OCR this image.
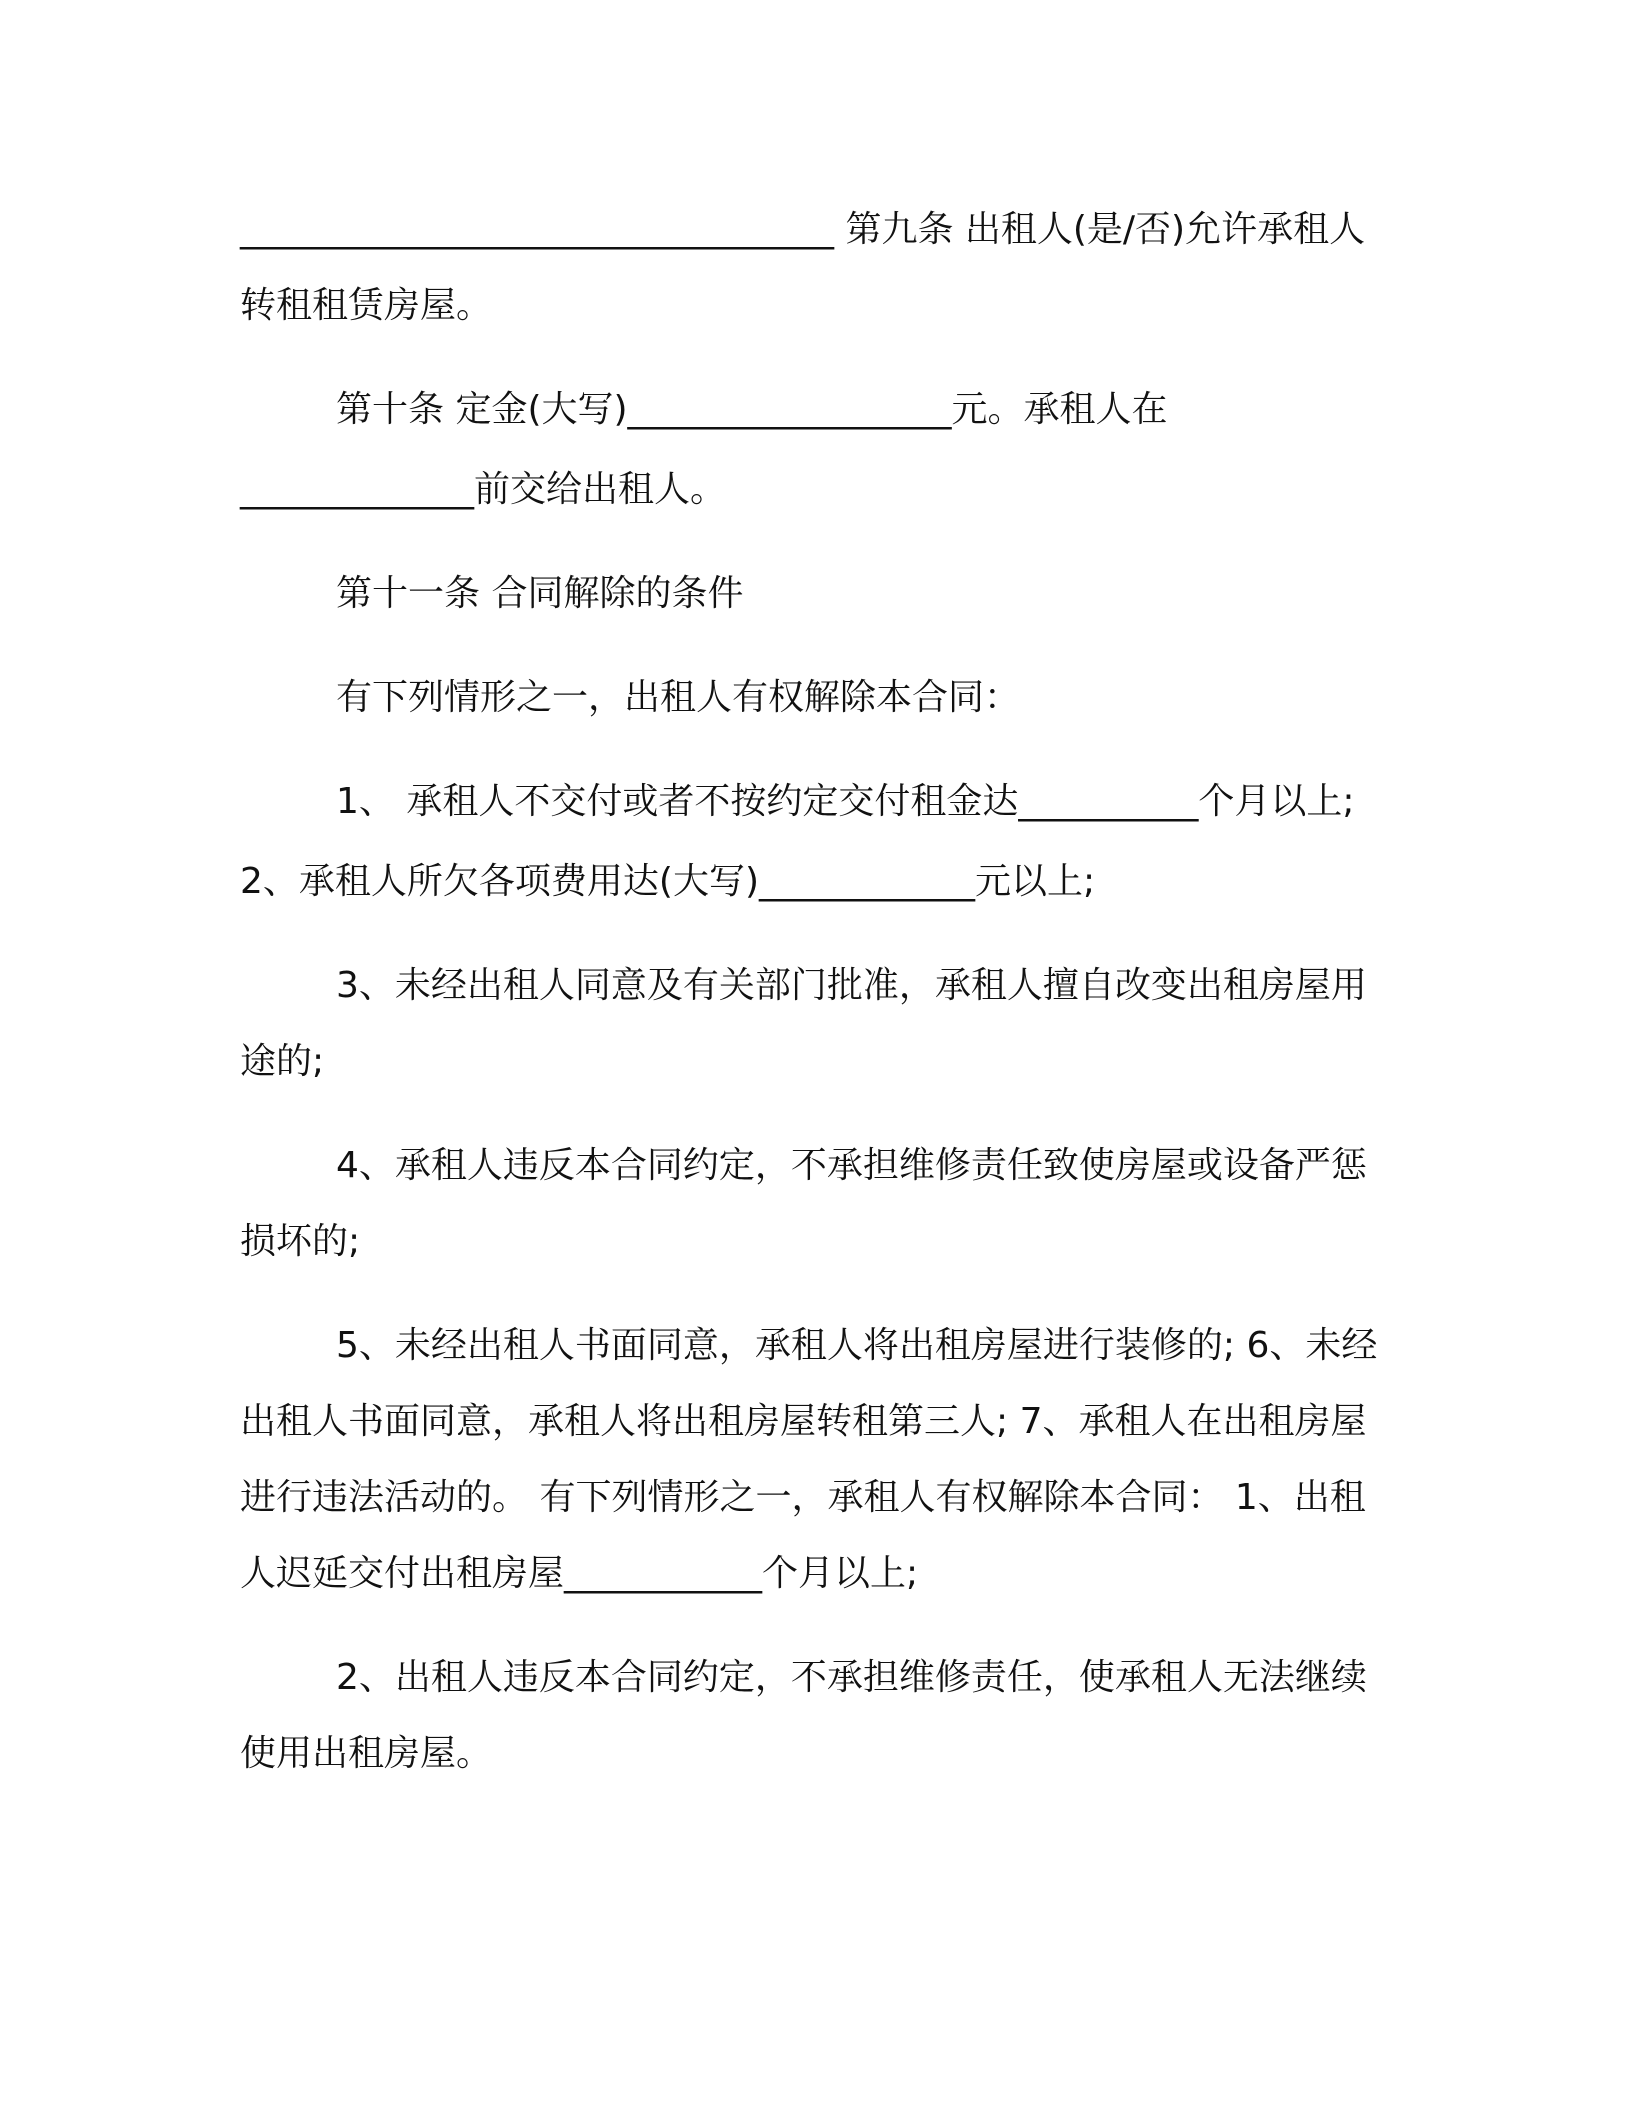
_________________________________ 第九条 出租人(是/否)允许承租人转租租赁房屋。

第十条 定金(大写)__________________元。承租人在

_____________前交给出租人。

第十一条 合同解除的条件

有下列情形之一，出租人有权解除本合同：

1、 承租人不交付或者不按约定交付租金达__________个月以上;

2、承租人所欠各项费用达(大写)____________元以上;

3、未经出租人同意及有关部门批准，承租人擅自改变出租房屋用途的;

4、承租人违反本合同约定，不承担维修责任致使房屋或设备严惩损坏的;

5、未经出租人书面同意，承租人将出租房屋进行装修的; 6、未经出租人书面同意，承租人将出租房屋转租第三人; 7、承租人在出租房屋进行违法活动的。 有下列情形之一，承租人有权解除本合同： 1、出租人迟延交付出租房屋___________个月以上;

2、出租人违反本合同约定，不承担维修责任，使承租人无法继续使用出租房屋。
